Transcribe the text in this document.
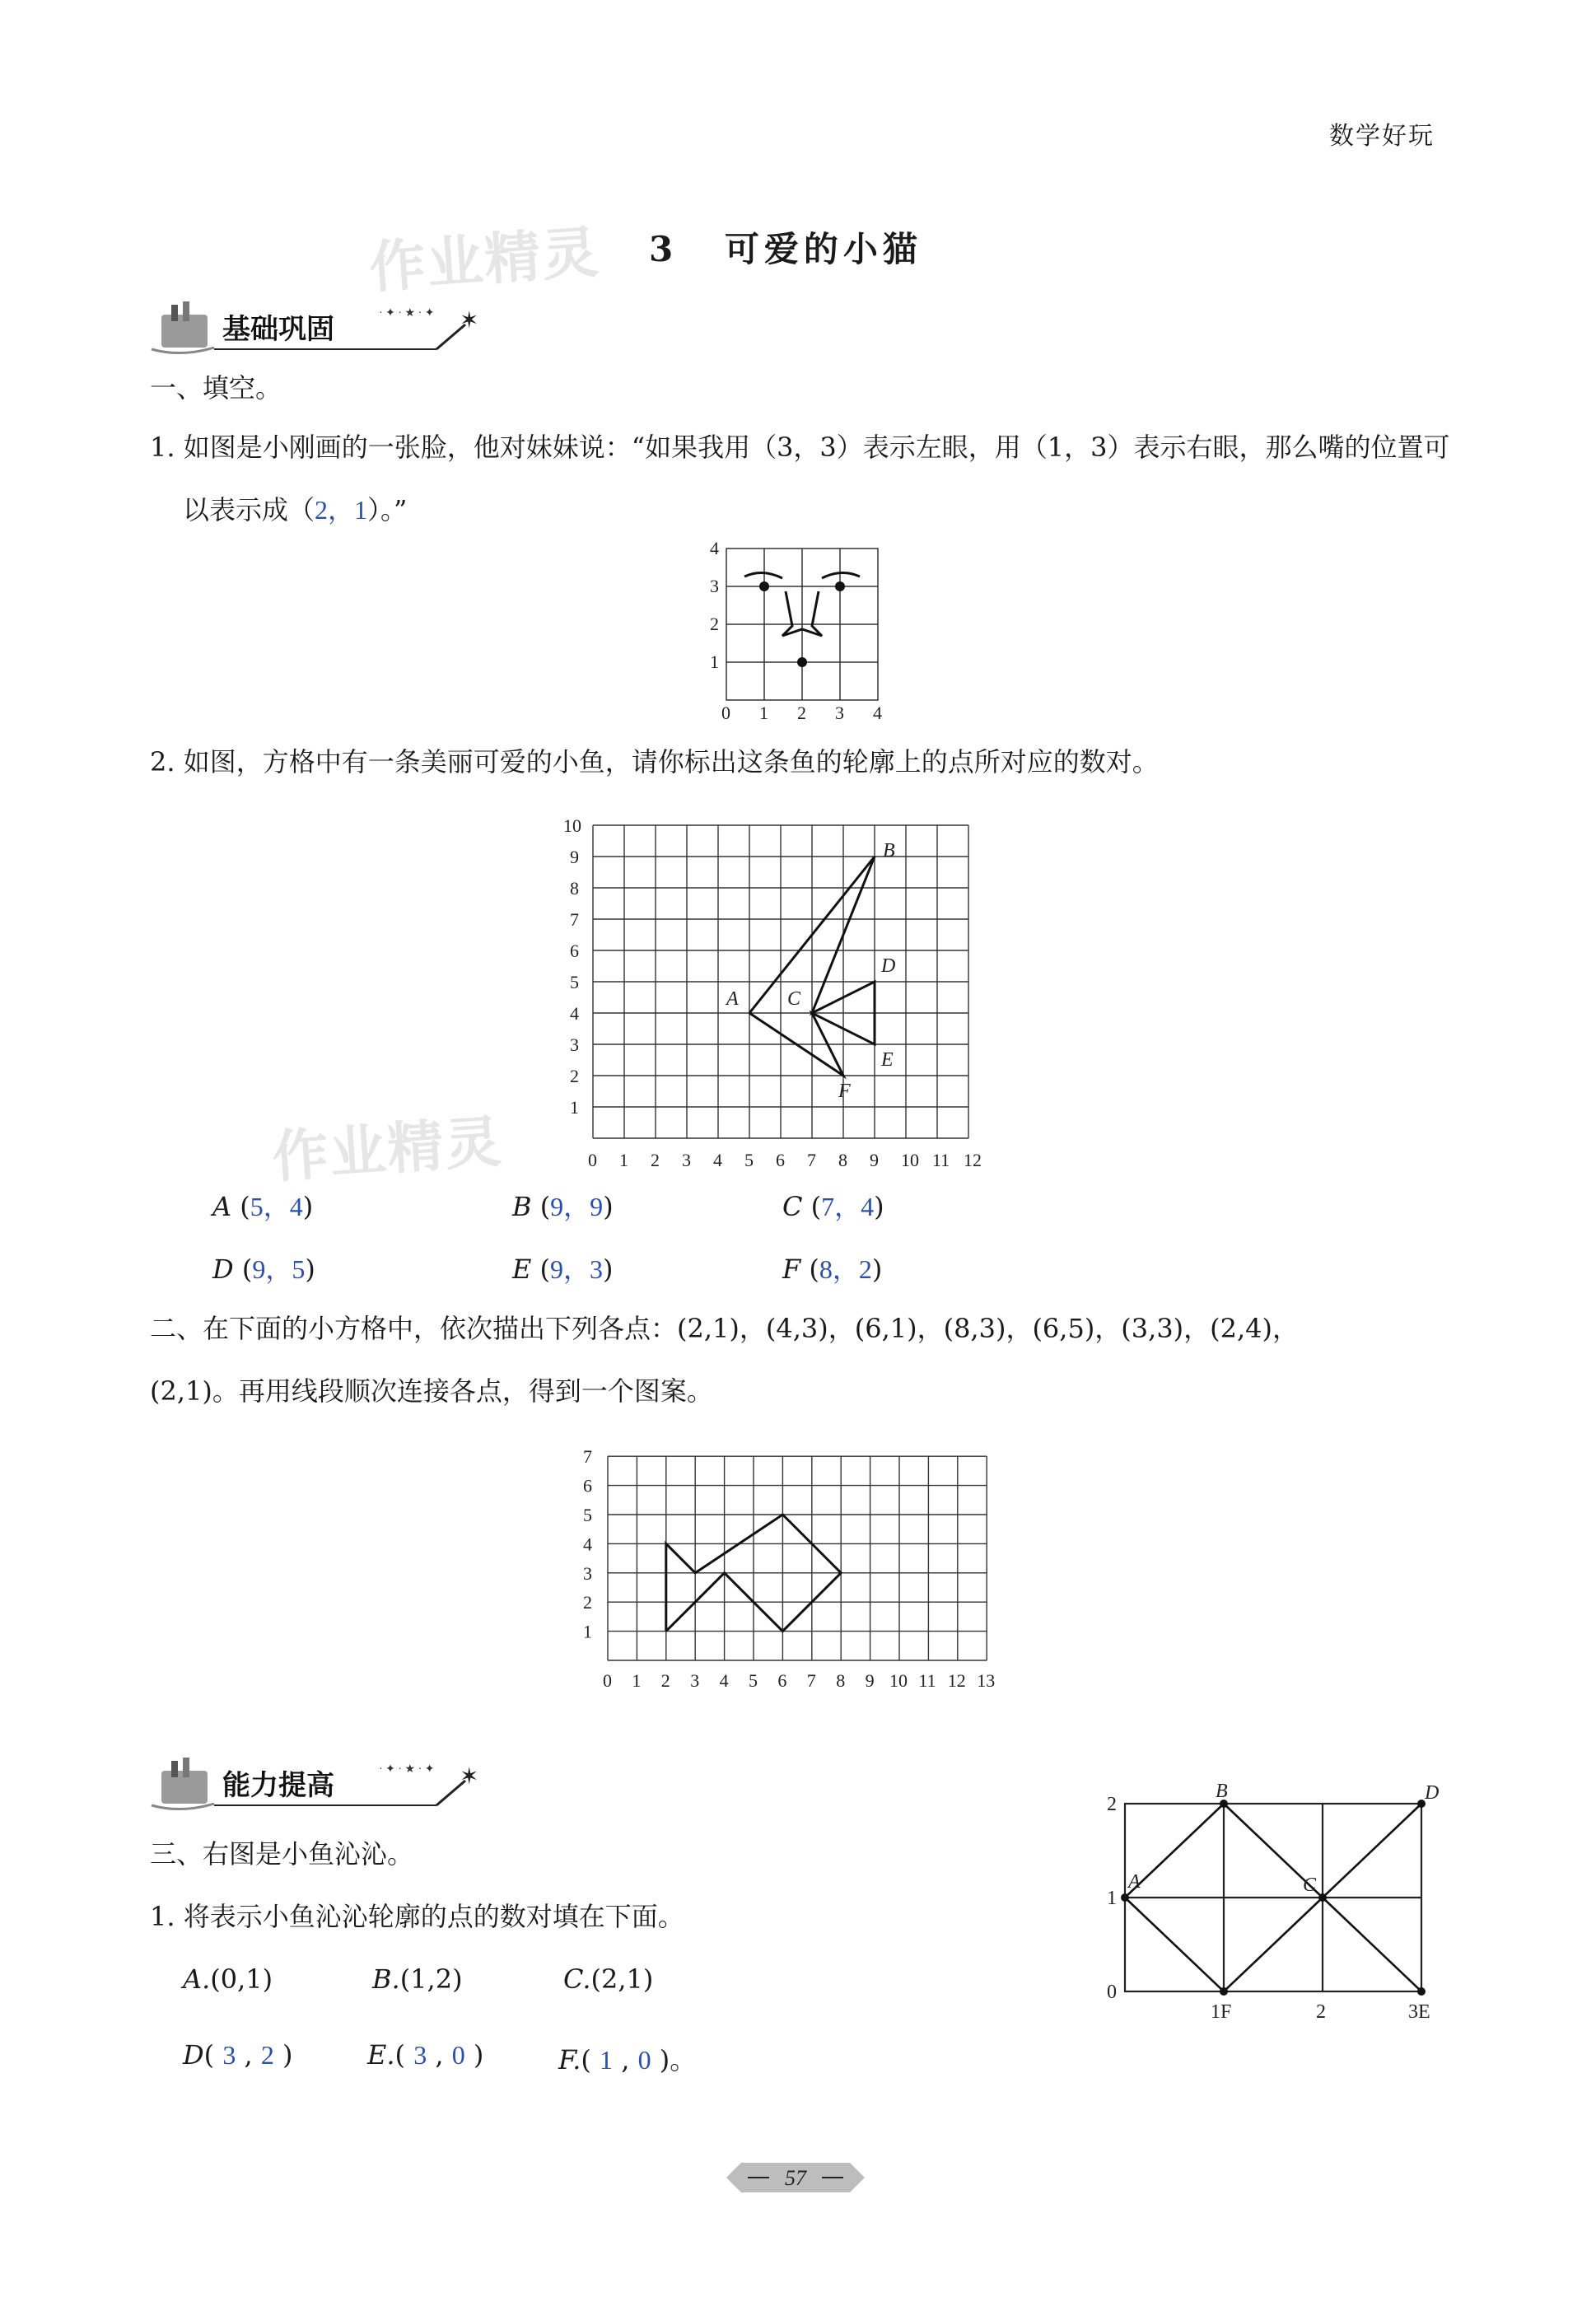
数学好玩
作业精灵
作业精灵
3 可爱的小猫
✶
· ✦ · ★ · ✦
基础巩固
一、填空。
1. 如图是小刚画的一张脸，他对妹妹说：“如果我用（3，3）表示左眼，用（1，3）表示右眼，那么嘴的位置可
以表示成（2，1）。”
0 1 2 3 4
1
2
3
4
2. 如图，方格中有一条美丽可爱的小鱼，请你标出这条鱼的轮廓上的点所对应的数对。
0 1 2 3 4 5 6 7 8 9 10 11 12
1
2
3
4
5
6
7
8
9
10
A
B
C
D
E
F
A (5，4)	B (9，9)	C (7，4)
D (9，5)	E (9，3)	F (8，2)
二、在下面的小方格中，依次描出下列各点：(2,1)，(4,3)，(6,1)，(8,3)，(6,5)，(3,3)，(2,4)，
(2,1)。再用线段顺次连接各点，得到一个图案。
0 1 2 3 4 5 6 7 8 9 10 11 12 13
1
2
3
4
5
6
7
✶
· ✦ · ★ · ✦
能力提高
三、右图是小鱼沁沁。
1. 将表示小鱼沁沁轮廓的点的数对填在下面。
A.(0,1)	B.(1,2)	C.(2,1)
D( 3 , 2 )	E.( 3 , 0 )	F.( 1 , 0 )。
0
1
2
1F	2	3E
A
B
C
D
57
